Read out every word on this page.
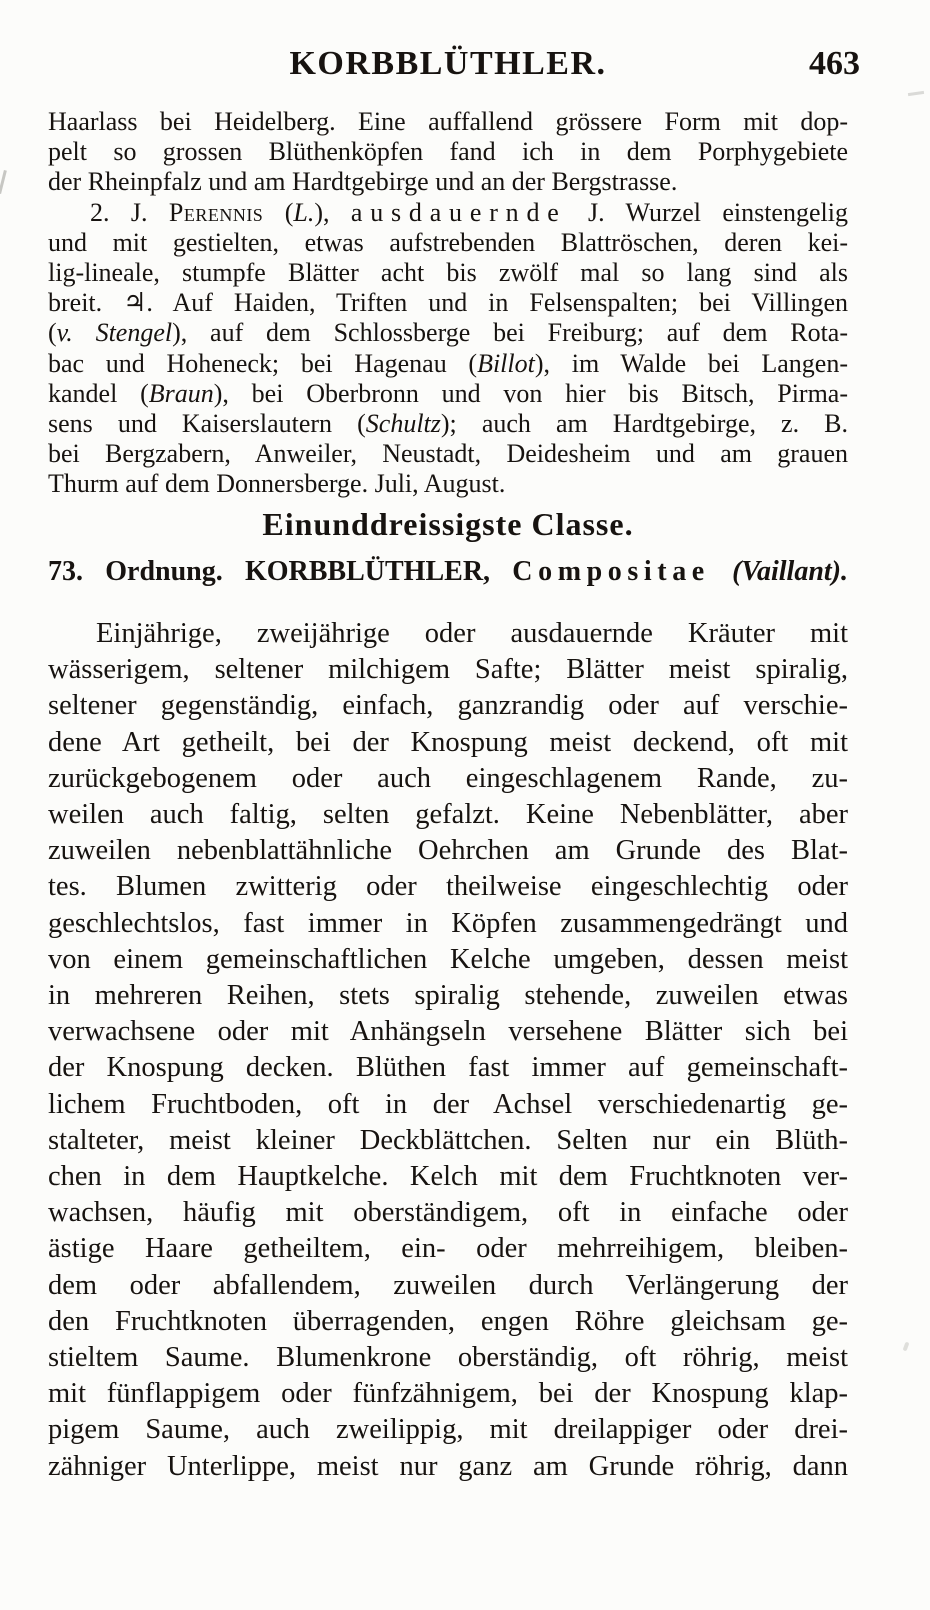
KORBBLÜTHLER.	463
Haarlass bei Heidelberg. Eine auffallend grössere Form mit dop-
pelt so grossen Blüthenköpfen fand ich in dem Porphygebiete
der Rheinpfalz und am Hardtgebirge und an der Bergstrasse.
2. J. Perennis (L.), ausdauernde J. Wurzel einstengelig
und mit gestielten, etwas aufstrebenden Blattröschen, deren kei-
lig-lineale, stumpfe Blätter acht bis zwölf mal so lang sind als
breit. ♃. Auf Haiden, Triften und in Felsenspalten; bei Villingen
(v. Stengel), auf dem Schlossberge bei Freiburg; auf dem Rota-
bac und Hoheneck; bei Hagenau (Billot), im Walde bei Langen-
kandel (Braun), bei Oberbronn und von hier bis Bitsch, Pirma-
sens und Kaiserslautern (Schultz); auch am Hardtgebirge, z. B.
bei Bergzabern, Anweiler, Neustadt, Deidesheim und am grauen
Thurm auf dem Donnersberge. Juli, August.
Einunddreissigste Classe.
73. Ordnung. KORBBLÜTHLER, Compositae (Vaillant).
Einjährige, zweijährige oder ausdauernde Kräuter mit
wässerigem, seltener milchigem Safte; Blätter meist spiralig,
seltener gegenständig, einfach, ganzrandig oder auf verschie-
dene Art getheilt, bei der Knospung meist deckend, oft mit
zurückgebogenem oder auch eingeschlagenem Rande, zu-
weilen auch faltig, selten gefalzt. Keine Nebenblätter, aber
zuweilen nebenblattähnliche Oehrchen am Grunde des Blat-
tes. Blumen zwitterig oder theilweise eingeschlechtig oder
geschlechtslos, fast immer in Köpfen zusammengedrängt und
von einem gemeinschaftlichen Kelche umgeben, dessen meist
in mehreren Reihen, stets spiralig stehende, zuweilen etwas
verwachsene oder mit Anhängseln versehene Blätter sich bei
der Knospung decken. Blüthen fast immer auf gemeinschaft-
lichem Fruchtboden, oft in der Achsel verschiedenartig ge-
stalteter, meist kleiner Deckblättchen. Selten nur ein Blüth-
chen in dem Hauptkelche. Kelch mit dem Fruchtknoten ver-
wachsen, häufig mit oberständigem, oft in einfache oder
ästige Haare getheiltem, ein- oder mehrreihigem, bleiben-
dem oder abfallendem, zuweilen durch Verlängerung der
den Fruchtknoten überragenden, engen Röhre gleichsam ge-
stieltem Saume. Blumenkrone oberständig, oft röhrig, meist
mit fünflappigem oder fünfzähnigem, bei der Knospung klap-
pigem Saume, auch zweilippig, mit dreilappiger oder drei-
zähniger Unterlippe, meist nur ganz am Grunde röhrig, dann
